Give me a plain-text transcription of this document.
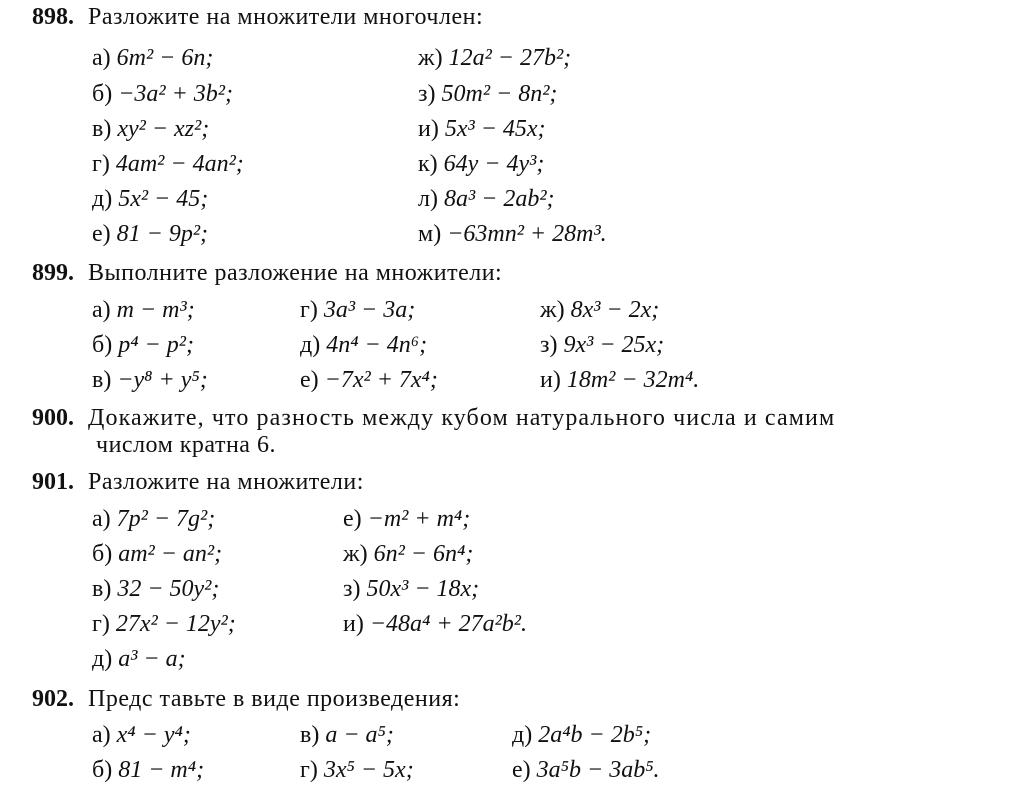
898. Разложите на множители многочлен:
а) 6m² − 6n;
б) −3a² + 3b²;
в) xy² − xz²;
г) 4am² − 4an²;
д) 5x² − 45;
е) 81 − 9p²;
ж) 12a² − 27b²;
з) 50m² − 8n²;
и) 5x³ − 45x;
к) 64y − 4y³;
л) 8a³ − 2ab²;
м) −63mn² + 28m³.
899. Выполните разложение на множители:
а) m − m³;
б) p⁴ − p²;
в) −y⁸ + y⁵;
г) 3a³ − 3a;
д) 4n⁴ − 4n⁶;
е) −7x² + 7x⁴;
ж) 8x³ − 2x;
з) 9x³ − 25x;
и) 18m² − 32m⁴.
900. Докажите, что разность между кубом натурального числа и самим
числом кратна 6.
901. Разложите на множители:
а) 7p² − 7g²;
б) am² − an²;
в) 32 − 50y²;
г) 27x² − 12y²;
д) a³ − a;
е) −m² + m⁴;
ж) 6n² − 6n⁴;
з) 50x³ − 18x;
и) −48a⁴ + 27a²b².
902. Предс тавьте в виде произведения:
а) x⁴ − y⁴;
б) 81 − m⁴;
в) a − a⁵;
г) 3x⁵ − 5x;
д) 2a⁴b − 2b⁵;
е) 3a⁵b − 3ab⁵.
